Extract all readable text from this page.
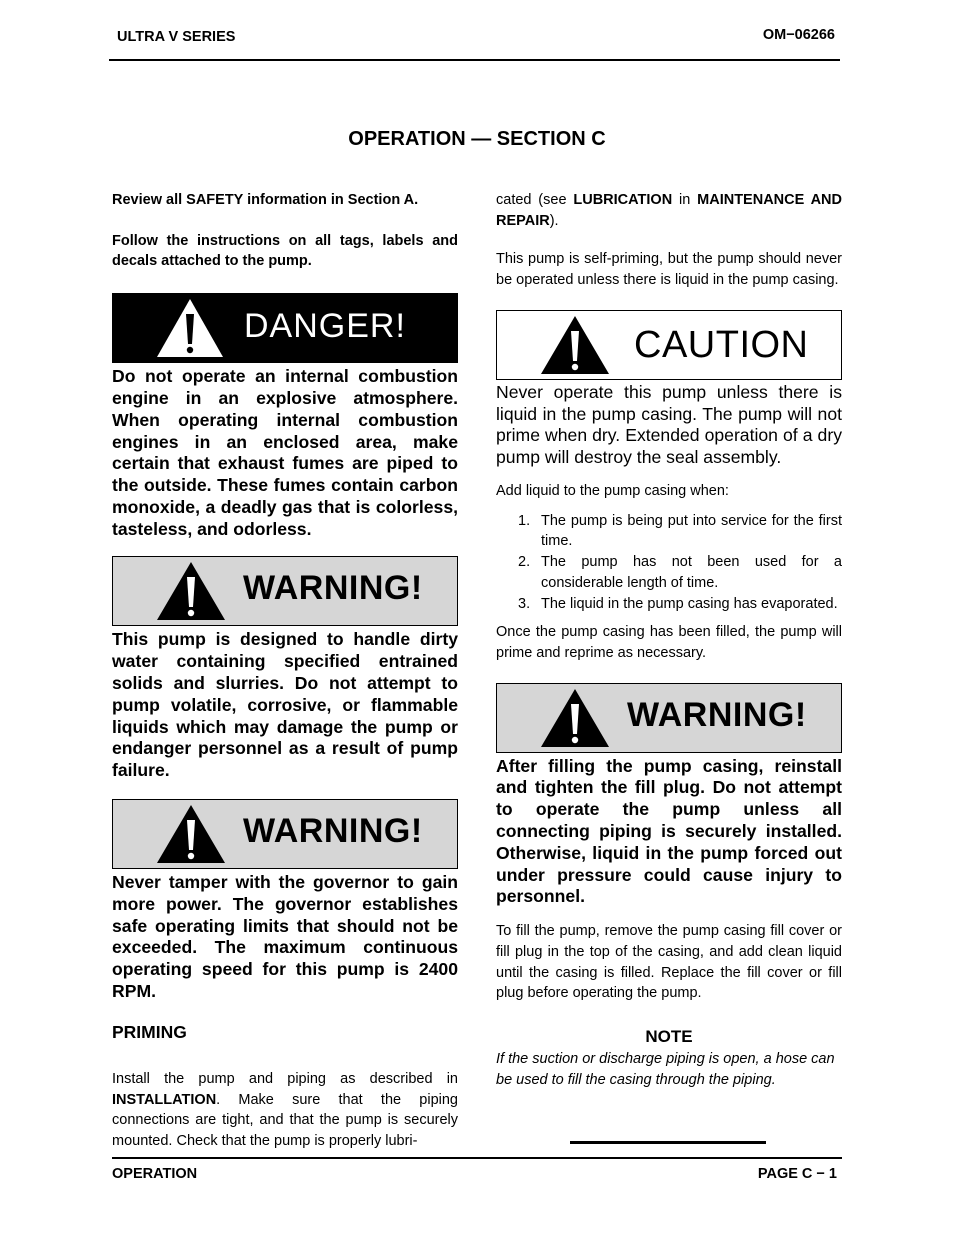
ULTRA V SERIES	OM−06266
OPERATION — SECTION C

Review all SAFETY information in Section A.

Follow the instructions on all tags, labels and decals attached to the pump.

DANGER!

Do not operate an internal combustion engine in an explosive atmosphere. When operating internal combustion engines in an enclosed area, make certain that exhaust fumes are piped to the outside. These fumes contain carbon monoxide, a deadly gas that is colorless, tasteless, and odorless.

WARNING!

This pump is designed to handle dirty water containing specified entrained solids and slurries. Do not attempt to pump volatile, corrosive, or flammable liquids which may damage the pump or endanger personnel as a result of pump failure.

WARNING!

Never tamper with the governor to gain more power. The governor establishes safe operating limits that should not be exceeded. The maximum continuous operating speed for this pump is 2400 RPM.

PRIMING

Install the pump and piping as described in INSTALLATION. Make sure that the piping connections are tight, and that the pump is securely mounted. Check that the pump is properly lubri-

cated (see LUBRICATION in MAINTENANCE AND REPAIR).

This pump is self-priming, but the pump should never be operated unless there is liquid in the pump casing.

CAUTION

Never operate this pump unless there is liquid in the pump casing. The pump will not prime when dry. Extended operation of a dry pump will destroy the seal assembly.

Add liquid to the pump casing when:

1. The pump is being put into service for the first time.
2. The pump has not been used for a considerable length of time.
3. The liquid in the pump casing has evaporated.

Once the pump casing has been filled, the pump will prime and reprime as necessary.

WARNING!

After filling the pump casing, reinstall and tighten the fill plug. Do not attempt to operate the pump unless all connecting piping is securely installed. Otherwise, liquid in the pump forced out under pressure could cause injury to personnel.

To fill the pump, remove the pump casing fill cover or fill plug in the top of the casing, and add clean liquid until the casing is filled. Replace the fill cover or fill plug before operating the pump.

NOTE

If the suction or discharge piping is open, a hose can be used to fill the casing through the piping.

OPERATION	PAGE C − 1
